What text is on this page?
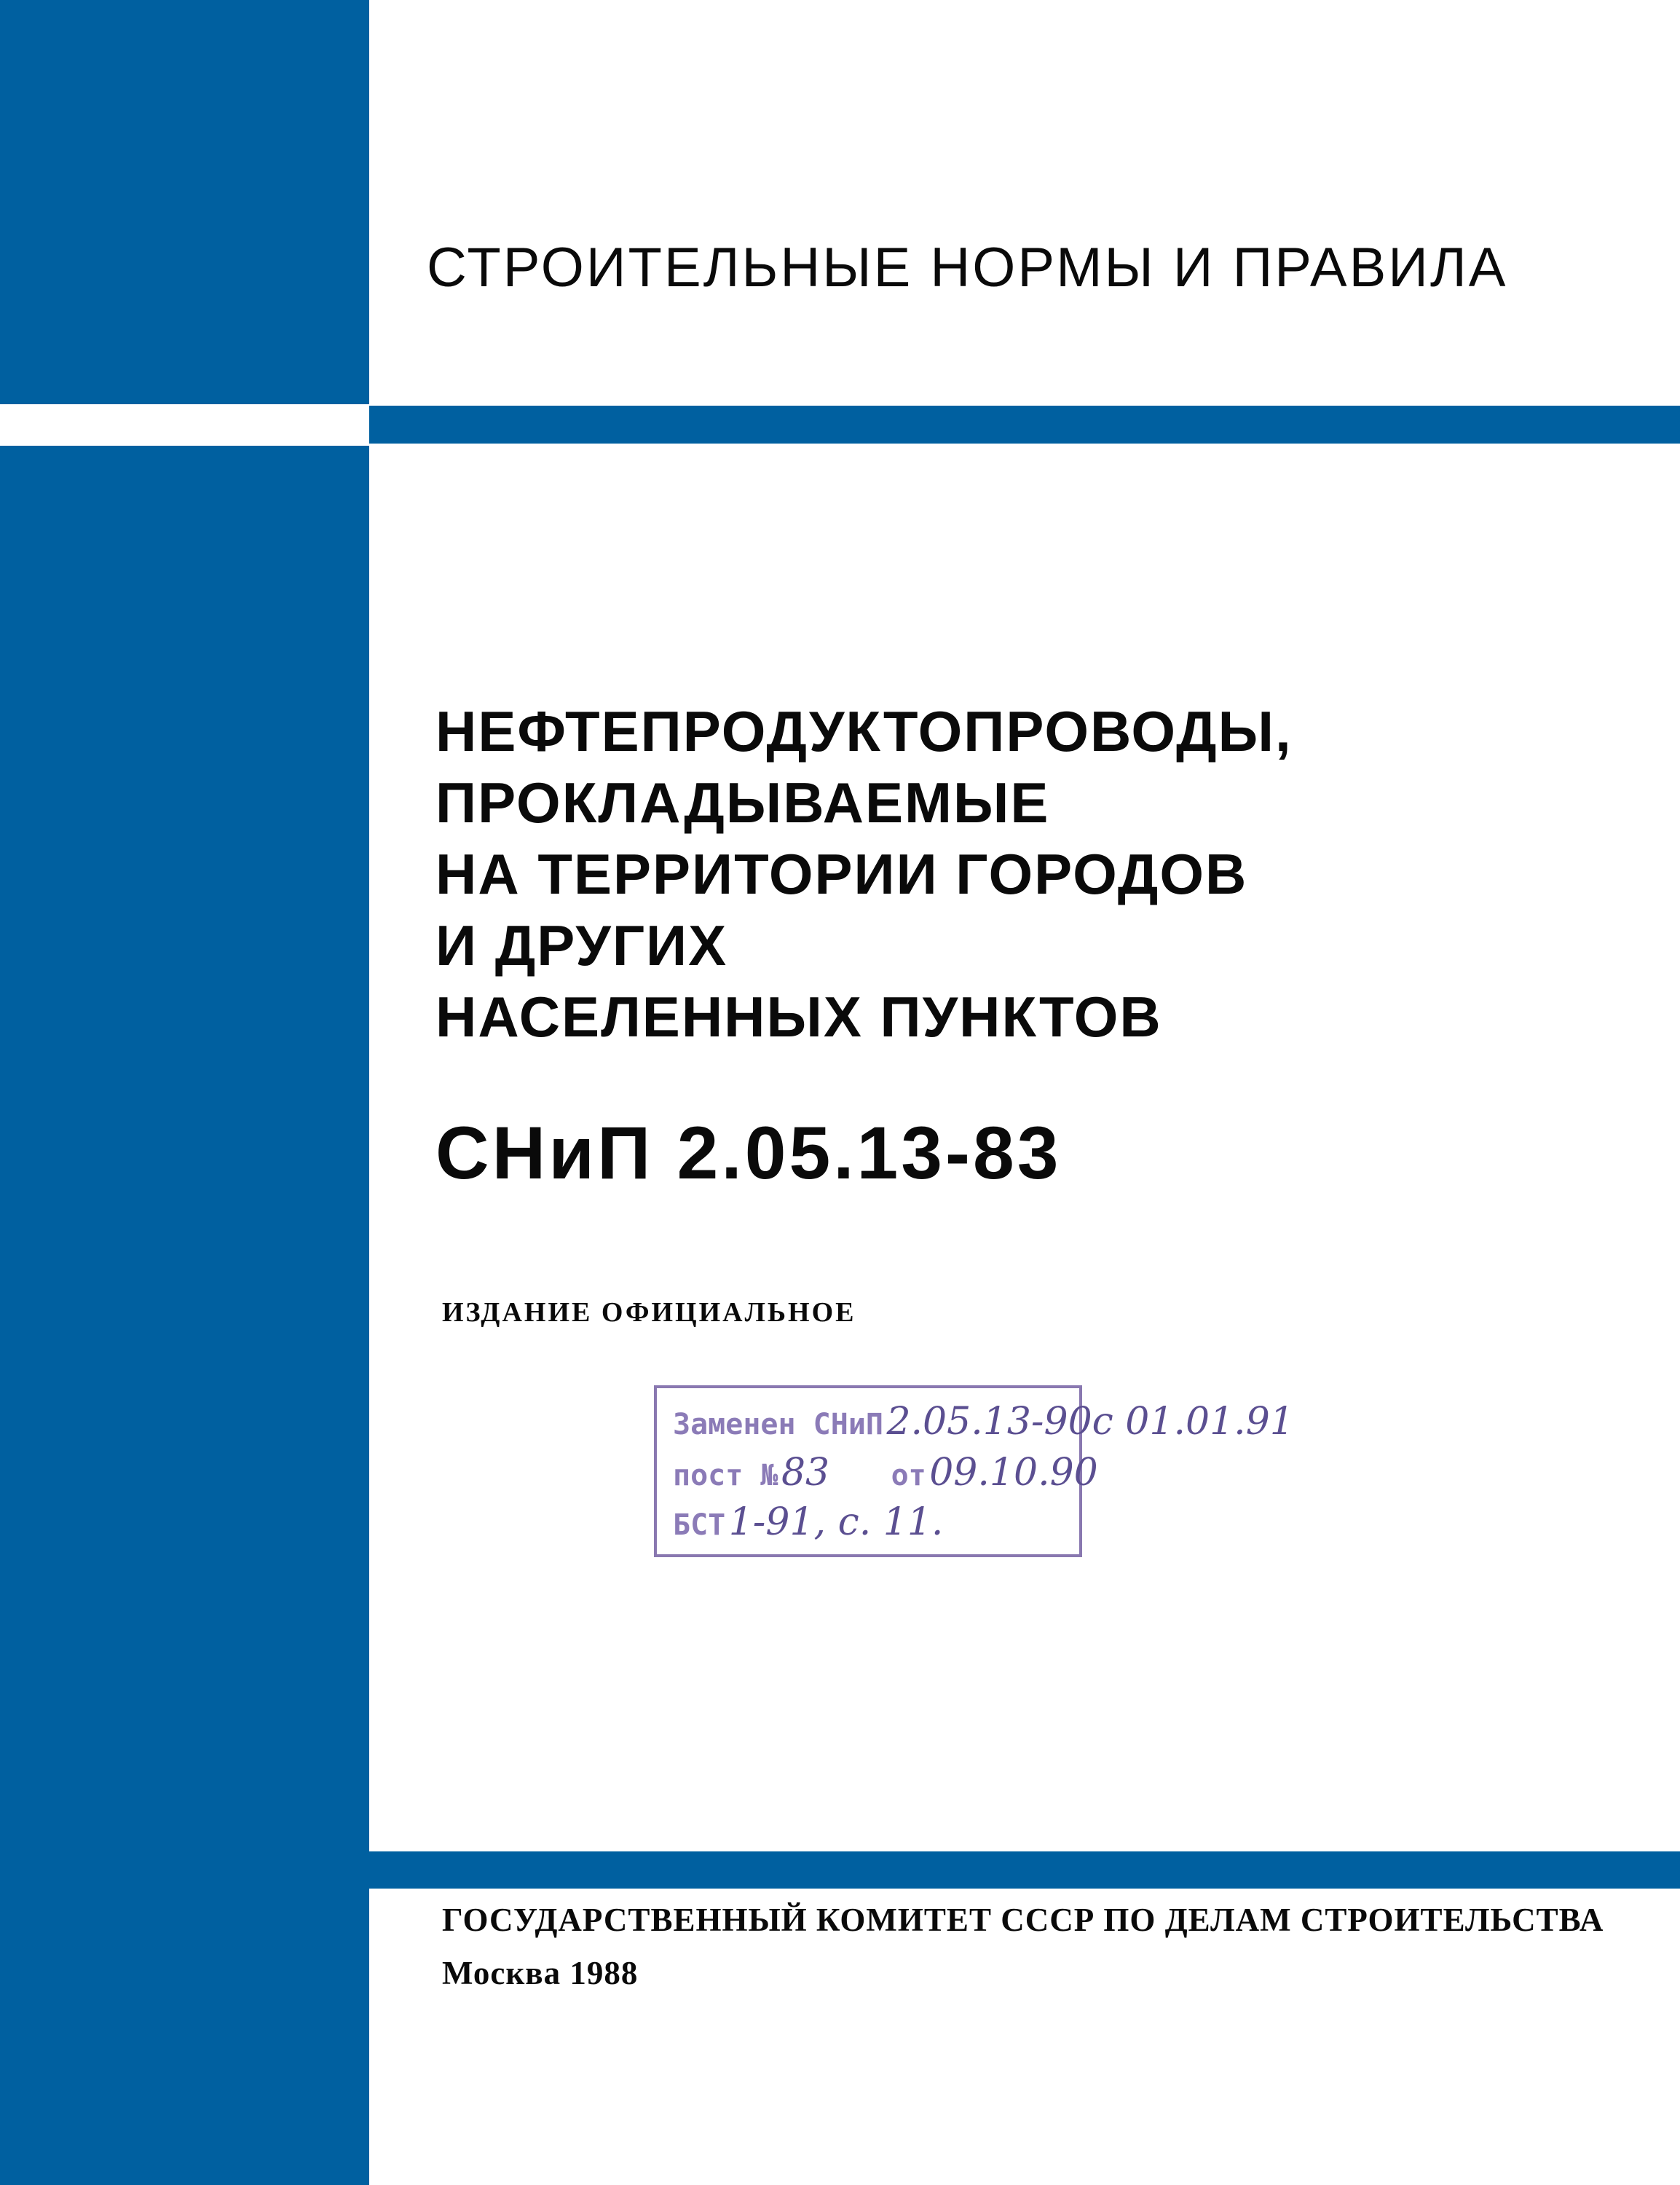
СТРОИТЕЛЬНЫЕ НОРМЫ И ПРАВИЛА
НЕФТЕПРОДУКТОПРОВОДЫ,
ПРОКЛАДЫВАЕМЫЕ
НА ТЕРРИТОРИИ ГОРОДОВ
И ДРУГИХ
НАСЕЛЕННЫХ ПУНКТОВ
СНиП 2.05.13-83
ИЗДАНИЕ ОФИЦИАЛЬНОЕ
Заменен СНиП 2.05.13-90с 01.01.91
пост № 83 от 09.10.90
БСТ 1-91, с. 11.
ГОСУДАРСТВЕННЫЙ КОМИТЕТ СССР ПО ДЕЛАМ СТРОИТЕЛЬСТВА
Москва 1988
